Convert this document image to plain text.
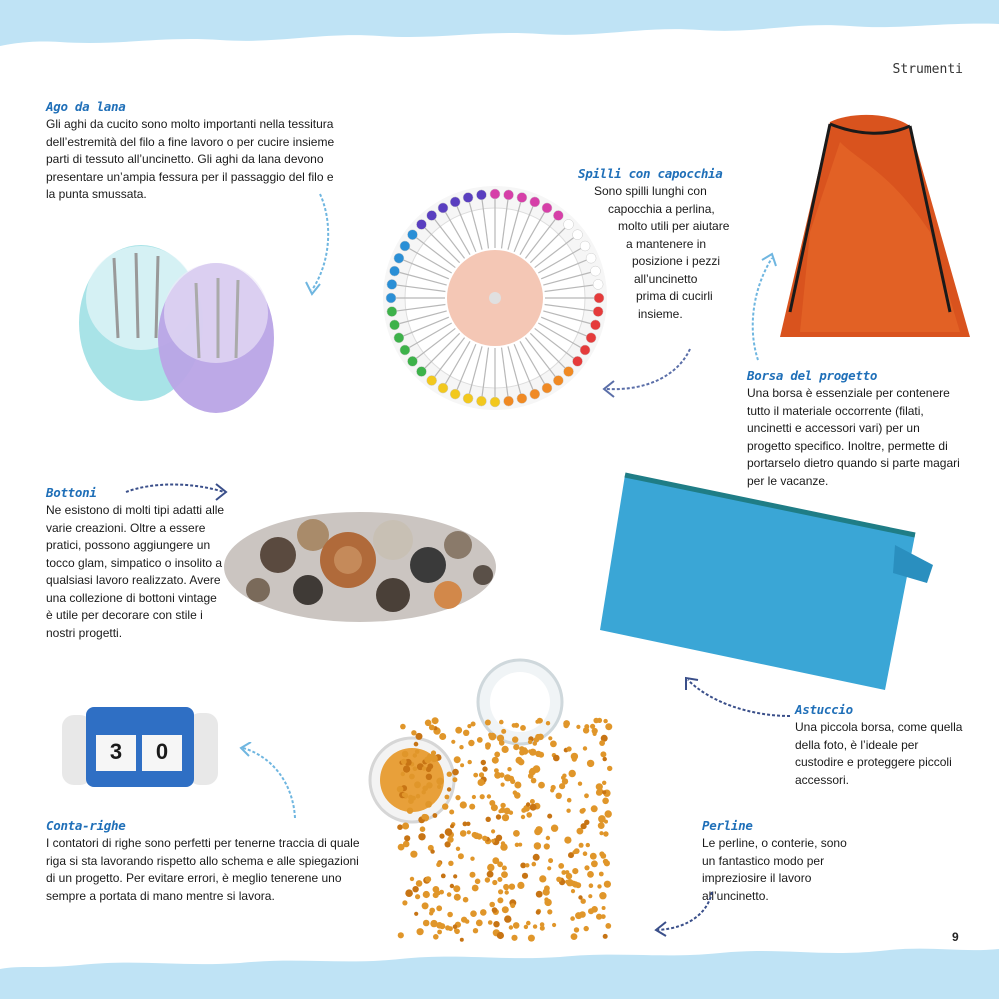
Strumenti
9
Ago da lana

Gli aghi da cucito sono molto importanti nella tessitura dell’estremità del filo a fine lavoro o per cucire insieme parti di tessuto all’uncinetto. Gli aghi da lana devono presentare un’ampia fessura per il passaggio del filo e la punta smussata.

Spilli con capocchia

Sono spilli lunghi con

capocchia a perlina,

molto utili per aiutare

a mantenere in

posizione i pezzi

all’uncinetto

prima di cucirli

insieme.

Borsa del progetto

Una borsa è essenziale per contenere tutto il materiale occorrente (filati, uncinetti e accessori vari) per un progetto specifico. Inoltre, permette di portarselo dietro quando si parte magari per le vacanze.

Bottoni

Ne esistono di molti tipi adatti alle varie creazioni. Oltre a essere pratici, possono aggiungere un tocco glam, simpatico o insolito a qualsiasi lavoro realizzato. Avere una collezione di bottoni vintage è utile per decorare con stile i nostri progetti.

Astuccio

Una piccola borsa, come quella della foto, è l’ideale per custodire e proteggere piccoli accessori.

3	0
Conta-righe

I contatori di righe sono perfetti per tenerne traccia di quale riga si sta lavorando rispetto allo schema e alle spiegazioni di un progetto. Per evitare errori, è meglio tenerene uno sempre a portata di mano mentre si lavora.

Perline

Le perline, o conterie, sono un fantastico modo per impreziosire il lavoro all’uncinetto.
